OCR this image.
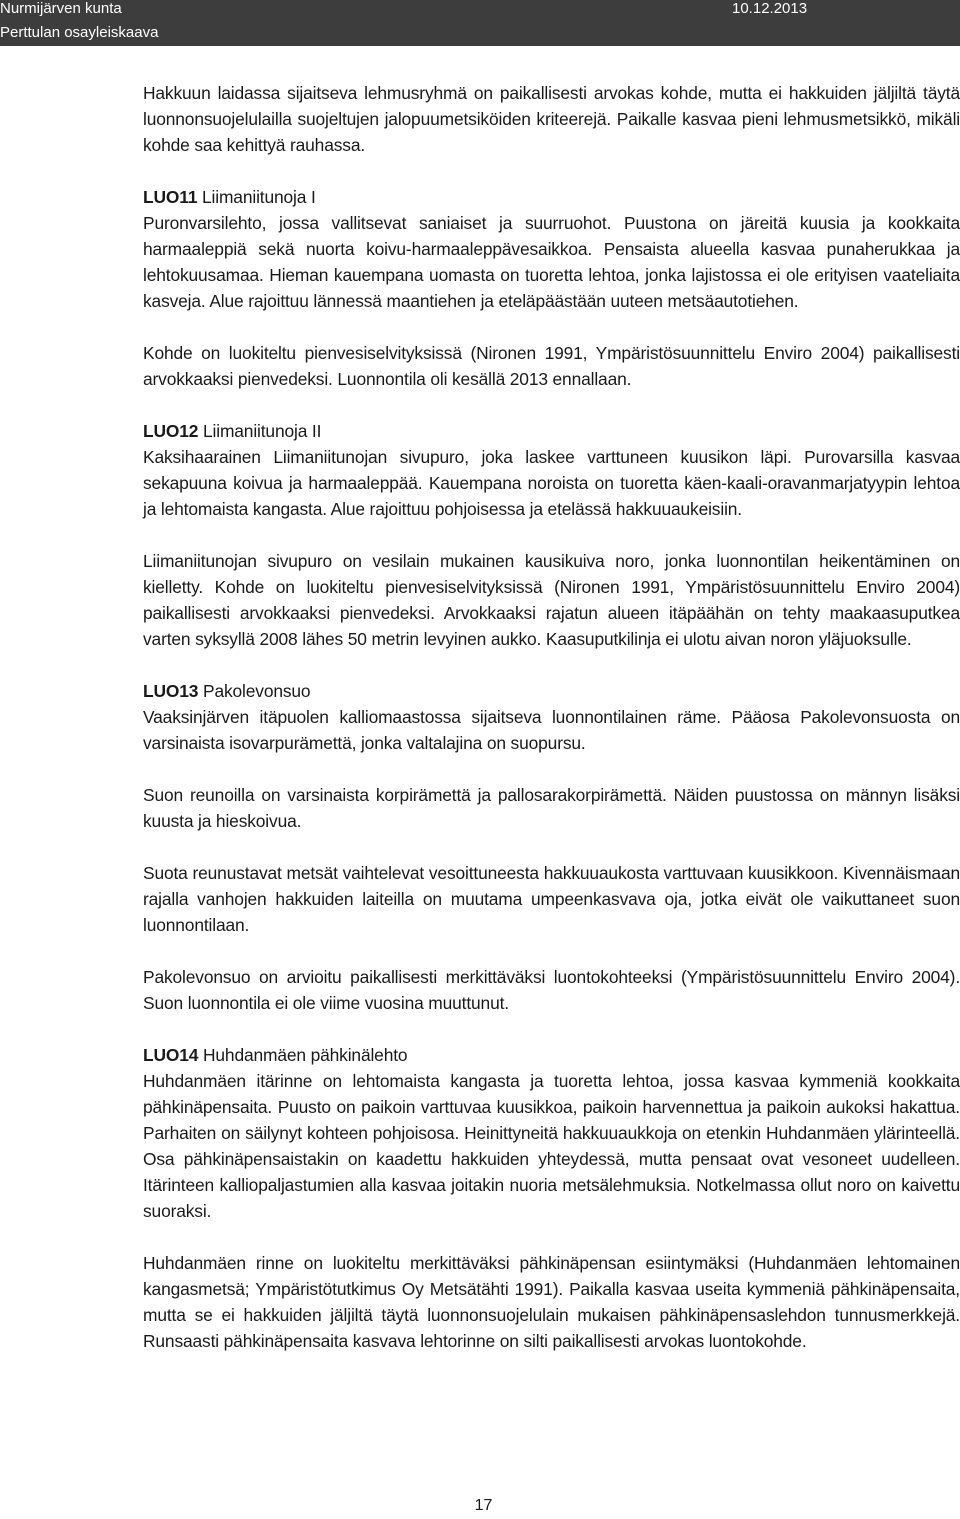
Nurmijärven kunta
Perttulan osayleiskaava
10.12.2013

Hakkuun laidassa sijaitseva lehmusryhmä on paikallisesti arvokas kohde, mutta ei hakkuiden jäljiltä täytä luonnonsuojelulailla suojeltujen jalopuumetsiköiden kriteerejä. Paikalle kasvaa pieni lehmusmetsikkö, mikäli kohde saa kehittyä rauhassa.

LUO11 Liimaniitunoja I
Puronvarsilehto, jossa vallitsevat saniaiset ja suurruohot. Puustona on järeitä kuusia ja kookkaita harmaaleppiä sekä nuorta koivu-harmaaleppävesaikkoa. Pensaista alueella kasvaa punaherukkaa ja lehtokuusamaa. Hieman kauempana uomasta on tuoretta lehtoa, jonka lajistossa ei ole erityisen vaateliaita kasveja. Alue rajoittuu lännessä maantiehen ja eteläpäästään uuteen metsäautotiehen.

Kohde on luokiteltu pienvesiselvityksissä (Nironen 1991, Ympäristösuunnittelu Enviro 2004) paikallisesti arvokkaaksi pienvedeksi. Luonnontila oli kesällä 2013 ennallaan.

LUO12 Liimaniitunoja II
Kaksihaarainen Liimaniitunojan sivupuro, joka laskee varttuneen kuusikon läpi. Purovarsilla kasvaa sekapuuna koivua ja harmaaleppää. Kauempana noroista on tuoretta käen-kaali-oravanmarjatyypin lehtoa ja lehtomaista kangasta. Alue rajoittuu pohjoisessa ja etelässä hakkuuaukeisiin.

Liimaniitunojan sivupuro on vesilain mukainen kausikuiva noro, jonka luonnontilan heikentäminen on kielletty. Kohde on luokiteltu pienvesiselvityksissä (Nironen 1991, Ympäristösuunnittelu Enviro 2004) paikallisesti arvokkaaksi pienvedeksi. Arvokkaaksi rajatun alueen itäpäähän on tehty maakaasuputkea varten syksyllä 2008 lähes 50 metrin levyinen aukko. Kaasuputkilinja ei ulotu aivan noron yläjuoksulle.

LUO13 Pakolevonsuo
Vaaksinjärven itäpuolen kalliomaastossa sijaitseva luonnontilainen räme. Pääosa Pakolevonsuosta on varsinaista isovarpurämettä, jonka valtalajina on suopursu.

Suon reunoilla on varsinaista korpirämettä ja pallosarakorpirämettä. Näiden puustossa on männyn lisäksi kuusta ja hieskoivua.

Suota reunustavat metsät vaihtelevat vesoittuneesta hakkuuaukosta varttuvaan kuusikkoon. Kivennäismaan rajalla vanhojen hakkuiden laiteilla on muutama umpeenkasvava oja, jotka eivät ole vaikuttaneet suon luonnontilaan.

Pakolevonsuo on arvioitu paikallisesti merkittäväksi luontokohteeksi (Ympäristösuunnittelu Enviro 2004). Suon luonnontila ei ole viime vuosina muuttunut.

LUO14 Huhdanmäen pähkinälehto
Huhdanmäen itärinne on lehtomaista kangasta ja tuoretta lehtoa, jossa kasvaa kymmeniä kookkaita pähkinäpensaita. Puusto on paikoin varttuvaa kuusikkoa, paikoin harvennettua ja paikoin aukoksi hakattua. Parhaiten on säilynyt kohteen pohjoisosa. Heinittyneitä hakkuuaukkoja on etenkin Huhdanmäen ylärinteellä. Osa pähkinäpensaistakin on kaadettu hakkuiden yhteydessä, mutta pensaat ovat vesoneet uudelleen. Itärinteen kalliopaljastumien alla kasvaa joitakin nuoria metsälehmuksia. Notkelmassa ollut noro on kaivettu suoraksi.

Huhdanmäen rinne on luokiteltu merkittäväksi pähkinäpensan esiintymäksi (Huhdanmäen lehtomainen kangasmetsä; Ympäristötutkimus Oy Metsätähti 1991). Paikalla kasvaa useita kymmeniä pähkinäpensaita, mutta se ei hakkuiden jäljiltä täytä luonnonsuojelulain mukaisen pähkinäpensaslehdon tunnusmerkkejä. Runsaasti pähkinäpensaita kasvava lehtorinne on silti paikallisesti arvokas luontokohde.

17
